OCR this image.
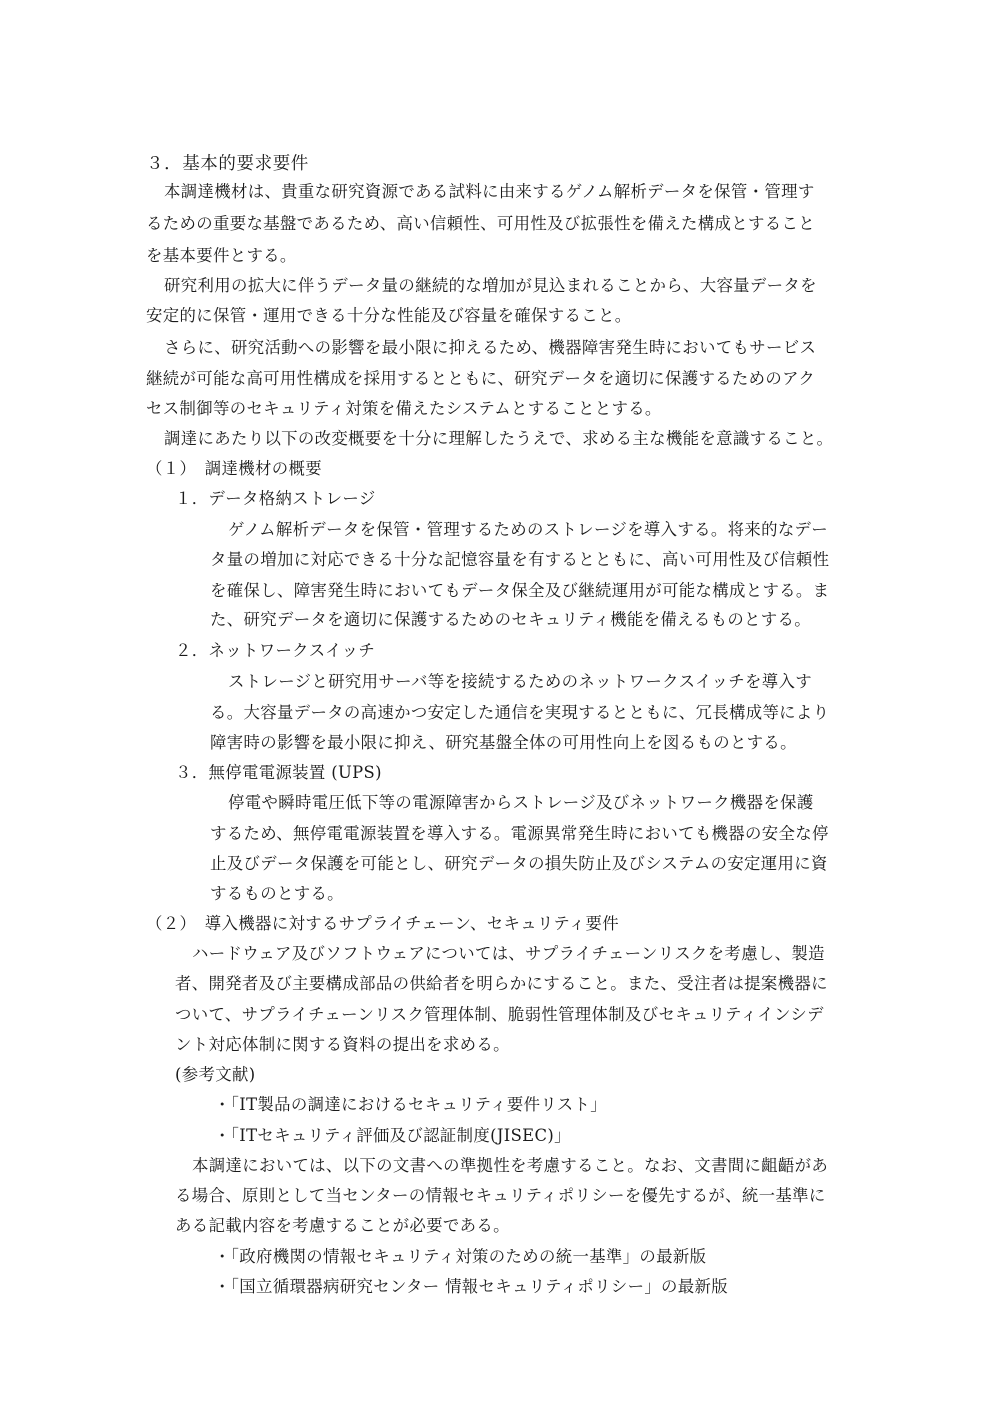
３．基本的要求要件
本調達機材は、貴重な研究資源である試料に由来するゲノム解析データを保管・管理す
るための重要な基盤であるため、高い信頼性、可用性及び拡張性を備えた構成とすること
を基本要件とする。
研究利用の拡大に伴うデータ量の継続的な増加が見込まれることから、大容量データを
安定的に保管・運用できる十分な性能及び容量を確保すること。
さらに、研究活動への影響を最小限に抑えるため、機器障害発生時においてもサービス
継続が可能な高可用性構成を採用するとともに、研究データを適切に保護するためのアク
セス制御等のセキュリティ対策を備えたシステムとすることとする。
調達にあたり以下の改変概要を十分に理解したうえで、求める主な機能を意識すること。
（１）　調達機材の概要
１．データ格納ストレージ
ゲノム解析データを保管・管理するためのストレージを導入する。将来的なデー
タ量の増加に対応できる十分な記憶容量を有するとともに、高い可用性及び信頼性
を確保し、障害発生時においてもデータ保全及び継続運用が可能な構成とする。ま
た、研究データを適切に保護するためのセキュリティ機能を備えるものとする。
２．ネットワークスイッチ
ストレージと研究用サーバ等を接続するためのネットワークスイッチを導入す
る。大容量データの高速かつ安定した通信を実現するとともに、冗長構成等により
障害時の影響を最小限に抑え、研究基盤全体の可用性向上を図るものとする。
３．無停電電源装置 (UPS)
停電や瞬時電圧低下等の電源障害からストレージ及びネットワーク機器を保護
するため、無停電電源装置を導入する。電源異常発生時においても機器の安全な停
止及びデータ保護を可能とし、研究データの損失防止及びシステムの安定運用に資
するものとする。
（２）　導入機器に対するサプライチェーン、セキュリティ要件
ハードウェア及びソフトウェアについては、サプライチェーンリスクを考慮し、製造
者、開発者及び主要構成部品の供給者を明らかにすること。また、受注者は提案機器に
ついて、サプライチェーンリスク管理体制、脆弱性管理体制及びセキュリティインシデ
ント対応体制に関する資料の提出を求める。
(参考文献)
・「IT製品の調達におけるセキュリティ要件リスト」
・「ITセキュリティ評価及び認証制度(JISEC)」
本調達においては、以下の文書への準拠性を考慮すること。なお、文書間に齟齬があ
る場合、原則として当センターの情報セキュリティポリシーを優先するが、統一基準に
ある記載内容を考慮することが必要である。
・「政府機関の情報セキュリティ対策のための統一基準」の最新版
・「国立循環器病研究センター 情報セキュリティポリシー」の最新版
